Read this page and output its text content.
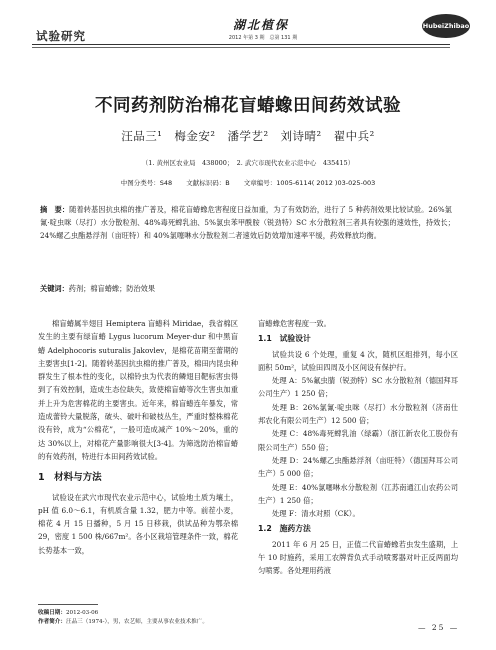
试验研究
湖北植保
2012 年第 3 期　总第 131 期
HubeiZhibao
不同药剂防治棉花盲蝽蟓田间药效试验
汪品三¹　梅金安²　潘学艺²　刘诗晴²　翟中兵²
（1. 黄州区农业局　438000；　2. 武穴市现代农业示范中心　435415）
中图分类号：S48 文献标识码：B 文章编号：1005-6114( 2012 )03-025-003
摘　要：随着转基因抗虫棉的推广普及，棉花盲蝽蟓危害程度日益加重，为了有效防治，进行了 5 种药剂效果比较试验。26%氯氰·啶虫咪（尽打）水分散粒剂、48%毒死蜱乳油、5%氯虫苯甲酰胺（锐劲特）SC 水分散粒剂三者具有较强的速效性，持效长；24%螺乙虫酯悬浮剂（亩旺特）和 40%氯噻啉水分散粒剂二者速效后防效增加速率平缓，药效释放均衡。
关键词：药剂；棉盲蝽蟓；防治效果

棉盲蝽属半翅目 Hemiptera 盲蝽科 Miridae，我省棉区发生的主要有绿盲蝽 Lygus lucorum Meyer-dur 和中黑盲蝽 Adelphocoris suturalis Jakovlev，是棉花苗期至蕾期的主要害虫[1-2]。随着转基因抗虫棉的推广普及，棉田内昆虫种群发生了根本性的变化，以棉铃虫为代表的鳞翅目靶标害虫得到了有效控制，造成生态位缺失，致使棉盲蝽等次生害虫加重并上升为危害棉花的主要害虫。近年来，棉盲蝽连年暴发，常造成蕾铃大量脱落，破头、破叶和破枝丛生，严重时整株棉花没有铃，成为“公棉花”，一般可造成减产 10%～20%，重的达 30%以上，对棉花产量影响很大[3-4]。为筛选防治棉盲蝽的有效药剂，特进行本田间药效试验。

1　材料与方法

试验设在武穴市现代农业示范中心，试验地土质为壤土，pH 值 6.0～6.1，有机质含量 1.32，肥力中等。前茬小麦，棉花 4 月 15 日播种，5 月 15 日移栽，供试品种为鄂杂棉 29，密度 1 500 株/667m²。各小区栽培管理条件一致，棉花长势基本一致，

盲蝽蟓危害程度一致。

1.1　试验设计

试验共设 6 个处理，重复 4 次，随机区组排列，每小区面积 50m²，试验田四周及小区间设有保护行。

处理 A：5%氟虫腈（锐劲特）SC 水分散粒剂（德国拜耳公司生产）1 250 倍；

处理 B：26%氯氰·啶虫咪（尽打）水分散粒剂（济南仕邦农化有限公司生产）12 500 倍；

处理 C：48%毒死蜱乳油（绿霸）（浙江新农化工股份有限公司生产）550 倍；

处理 D：24%螺乙虫酯悬浮剂（亩旺特）（德国拜耳公司生产）5 000 倍；

处理 E：40%氯噻啉水分散粒剂（江苏南通江山农药公司生产）1 250 倍；

处理 F：清水对照（CK）。

1.2　施药方法

2011 年 6 月 25 日，正值二代盲蝽蟓若虫发生盛期，上午 10 时施药，采用工农牌背负式手动喷雾器对叶正反两面均匀喷雾。各处理用药液

收稿日期：2012-03-06
作者简介：汪品三（1974-），男，农艺师，主要从事农业技术推广。
— 25 —
